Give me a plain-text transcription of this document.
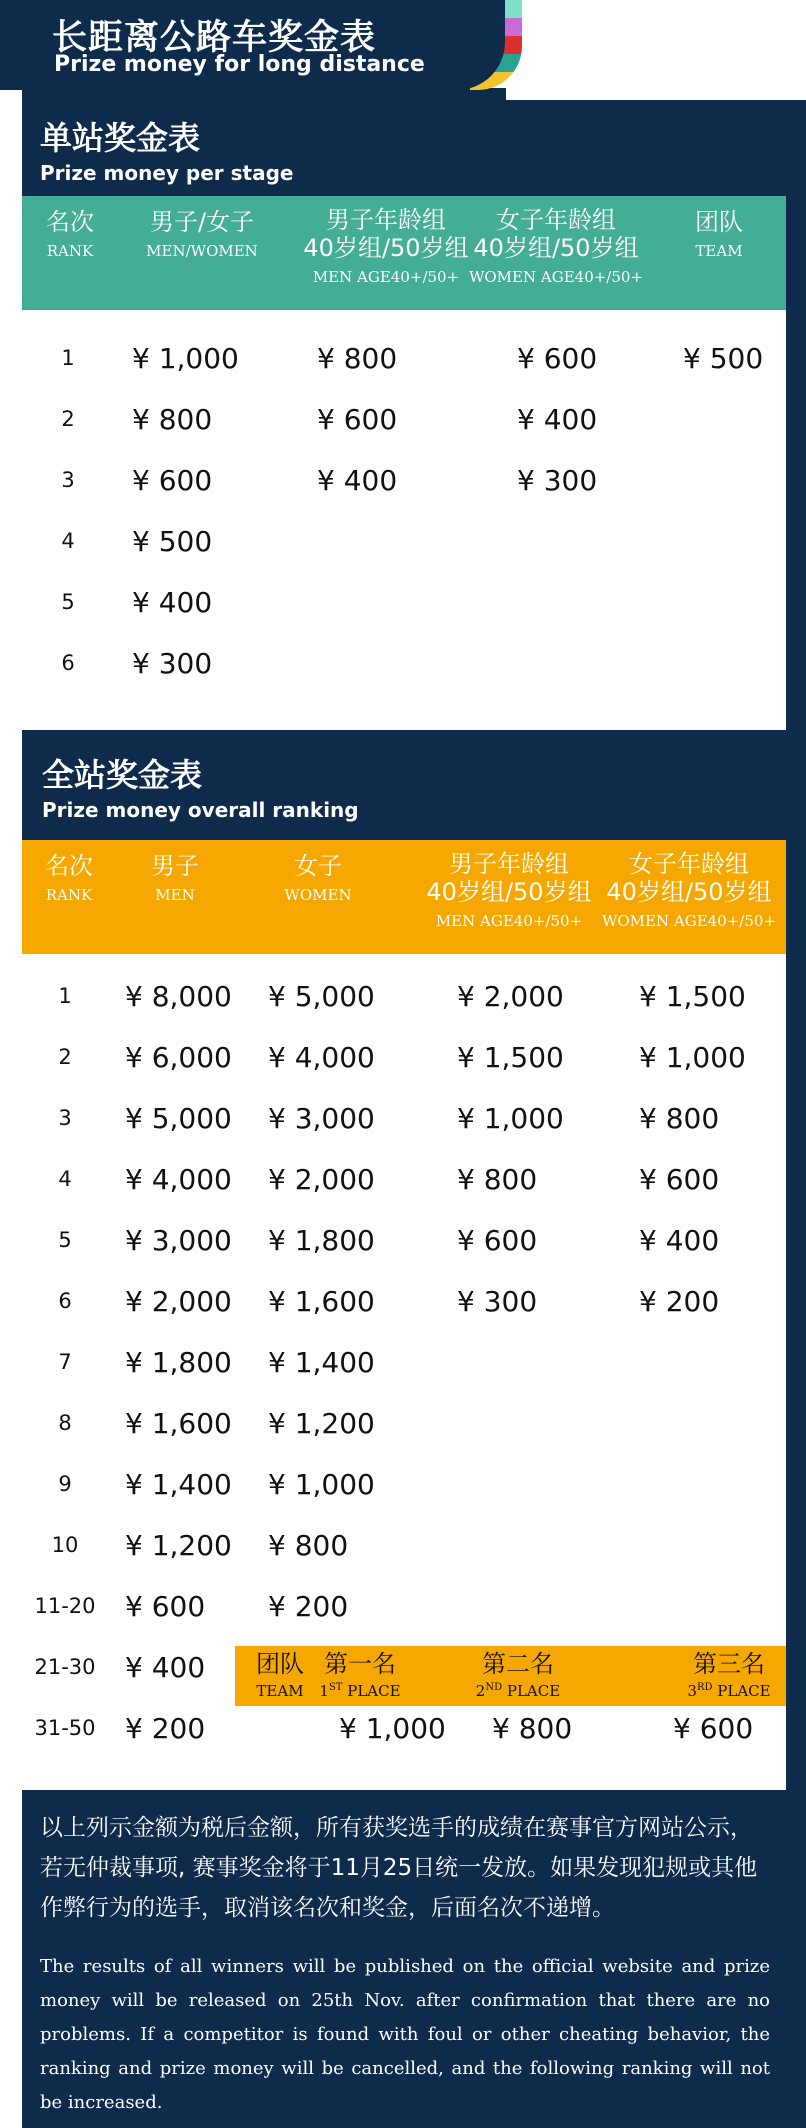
长距离公路车奖金表
Prize money for long distance
单站奖金表
Prize money per stage
名次
RANK
男子/女子
MEN/WOMEN
男子年龄组
40岁组/50岁组
MEN AGE40+/50+
女子年龄组
40岁组/50岁组
WOMEN AGE40+/50+
团队
TEAM
1	¥ 1,000	¥ 800	¥ 600	¥ 500
2	¥ 800	¥ 600	¥ 400
3	¥ 600	¥ 400	¥ 300
4	¥ 500
5	¥ 400
6	¥ 300
全站奖金表
Prize money overall ranking
名次
RANK
男子
MEN
女子
WOMEN
男子年龄组
40岁组/50岁组
MEN AGE40+/50+
女子年龄组
40岁组/50岁组
WOMEN AGE40+/50+
1	¥ 8,000 ¥ 5,000	¥ 2,000	¥ 1,500
2	¥ 6,000 ¥ 4,000	¥ 1,500	¥ 1,000
3	¥ 5,000 ¥ 3,000	¥ 1,000	¥ 800
4	¥ 4,000 ¥ 2,000	¥ 800	¥ 600
5	¥ 3,000 ¥ 1,800	¥ 600	¥ 400
6	¥ 2,000 ¥ 1,600	¥ 300	¥ 200
7	¥ 1,800 ¥ 1,400
8	¥ 1,600 ¥ 1,200
9	¥ 1,400 ¥ 1,000
10	¥ 1,200 ¥ 800
11-20	¥ 600 ¥ 200
21-30	¥ 400
31-50	¥ 200
团队
TEAM
第一名
1ST PLACE
第二名
2ND PLACE
第三名
3RD PLACE
¥ 1,000 ¥ 800	¥ 600
以上列示金额为税后金额，所有获奖选手的成绩在赛事官方网站公示，若无仲裁事项, 赛事奖金将于11月25日统一发放。如果发现犯规或其他作弊行为的选手，取消该名次和奖金，后面名次不递增。
The results of all winners will be published on the official website and prize money will be released on 25th Nov. after confirmation that there are no problems. If a competitor is found with foul or other cheating behavior, the ranking and prize money will be cancelled, and the following ranking will not be increased.
